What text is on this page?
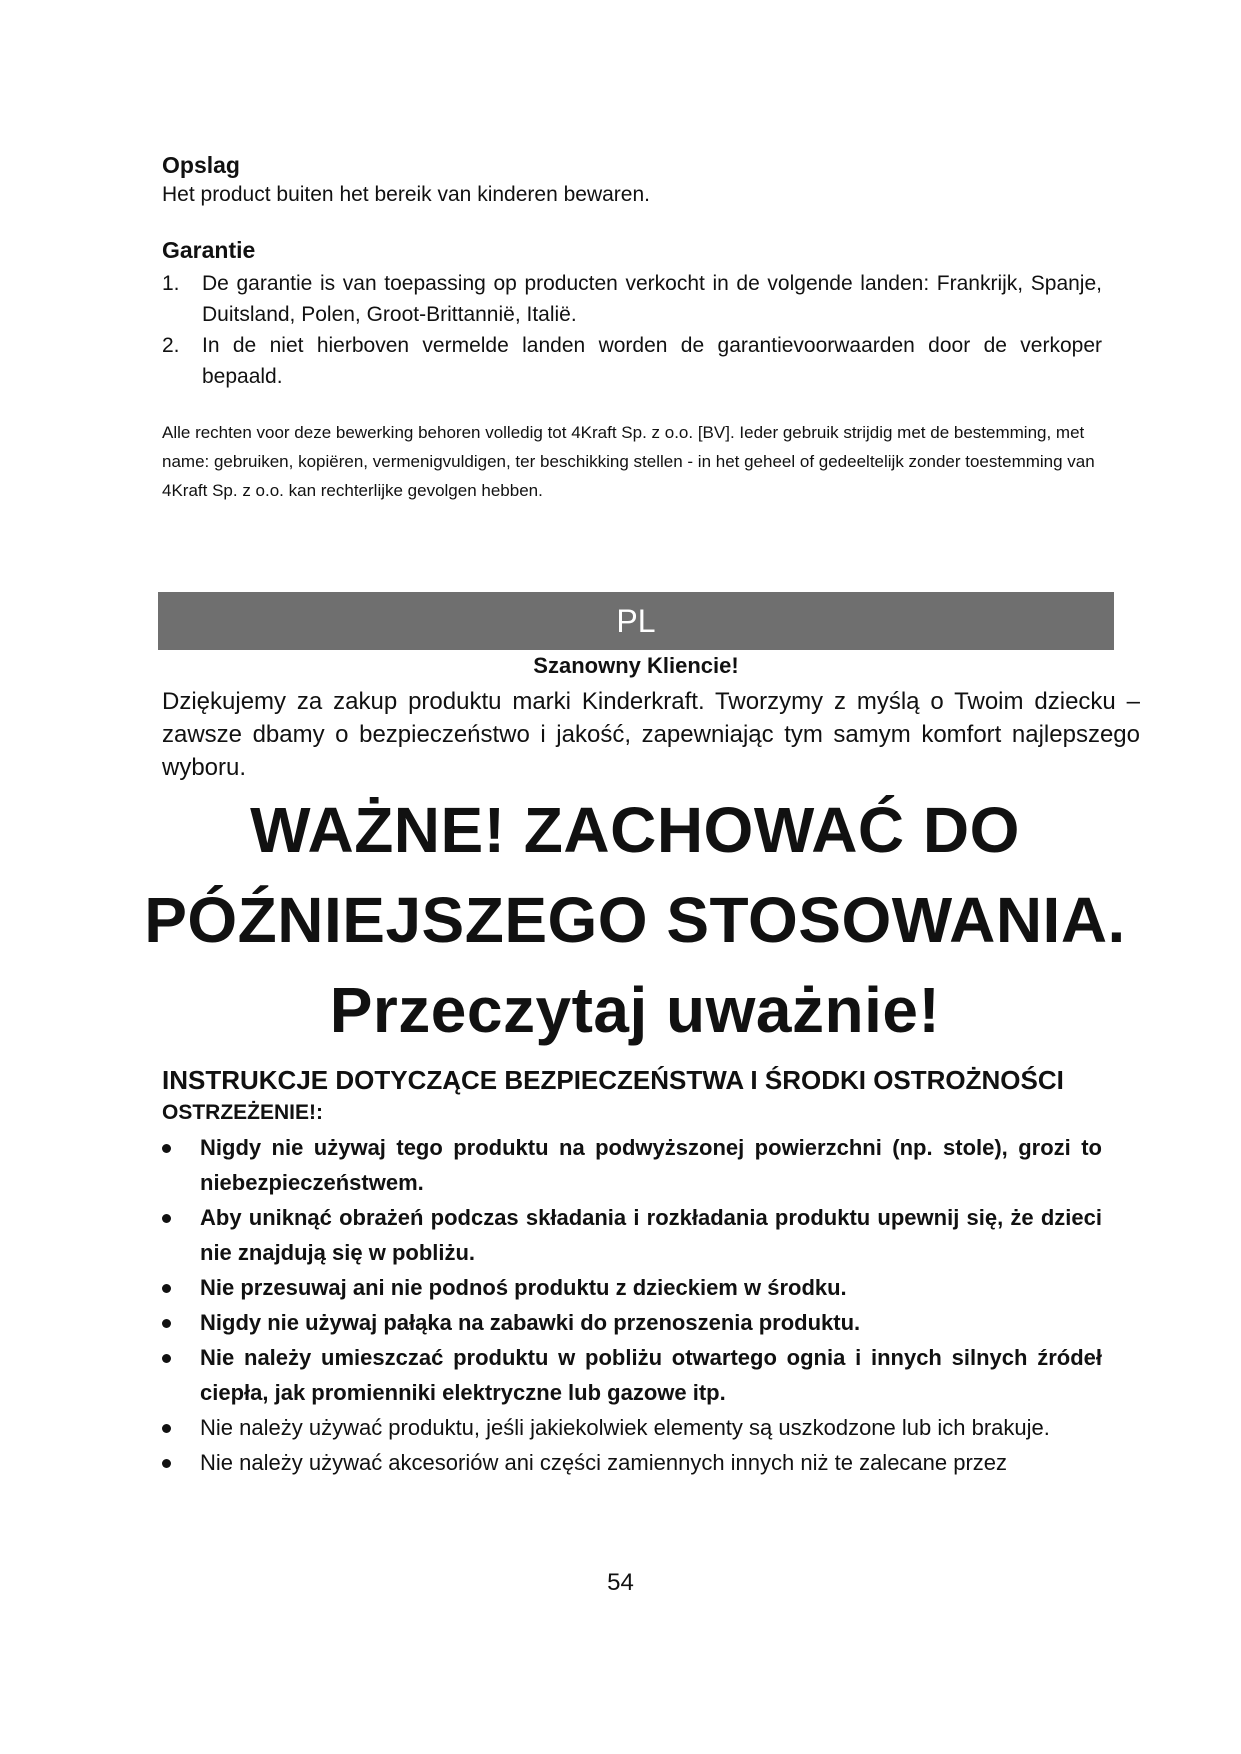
Opslag
Het product buiten het bereik van kinderen bewaren.
Garantie
1. De garantie is van toepassing op producten verkocht in de volgende landen: Frankrijk, Spanje, Duitsland, Polen, Groot-Brittannië, Italië.
2. In de niet hierboven vermelde landen worden de garantievoorwaarden door de verkoper bepaald.
Alle rechten voor deze bewerking behoren volledig tot 4Kraft Sp. z o.o. [BV]. Ieder gebruik strijdig met de bestemming, met name: gebruiken, kopiëren, vermenigvuldigen, ter beschikking stellen - in het geheel of gedeeltelijk zonder toestemming van 4Kraft Sp. z o.o. kan rechterlijke gevolgen hebben.
PL
Szanowny Kliencie!
Dziękujemy za zakup produktu marki Kinderkraft. Tworzymy z myślą o Twoim dziecku – zawsze dbamy o bezpieczeństwo i jakość, zapewniając tym samym komfort najlepszego wyboru.
WAŻNE! ZACHOWAĆ DO
PÓŹNIEJSZEGO STOSOWANIA.
Przeczytaj uważnie!
INSTRUKCJE DOTYCZĄCE BEZPIECZEŃSTWA I ŚRODKI OSTROŻNOŚCI
OSTRZEŻENIE!:
Nigdy nie używaj tego produktu na podwyższonej powierzchni (np. stole), grozi to niebezpieczeństwem.
Aby uniknąć obrażeń podczas składania i rozkładania produktu upewnij się, że dzieci nie znajdują się w pobliżu.
Nie przesuwaj ani nie podnoś produktu z dzieckiem w środku.
Nigdy nie używaj pałąka na zabawki do przenoszenia produktu.
Nie należy umieszczać produktu w pobliżu otwartego ognia i innych silnych źródeł ciepła, jak promienniki elektryczne lub gazowe itp.
Nie należy używać produktu, jeśli jakiekolwiek elementy są uszkodzone lub ich brakuje.
Nie należy używać akcesoriów ani części zamiennych innych niż te zalecane przez
54
